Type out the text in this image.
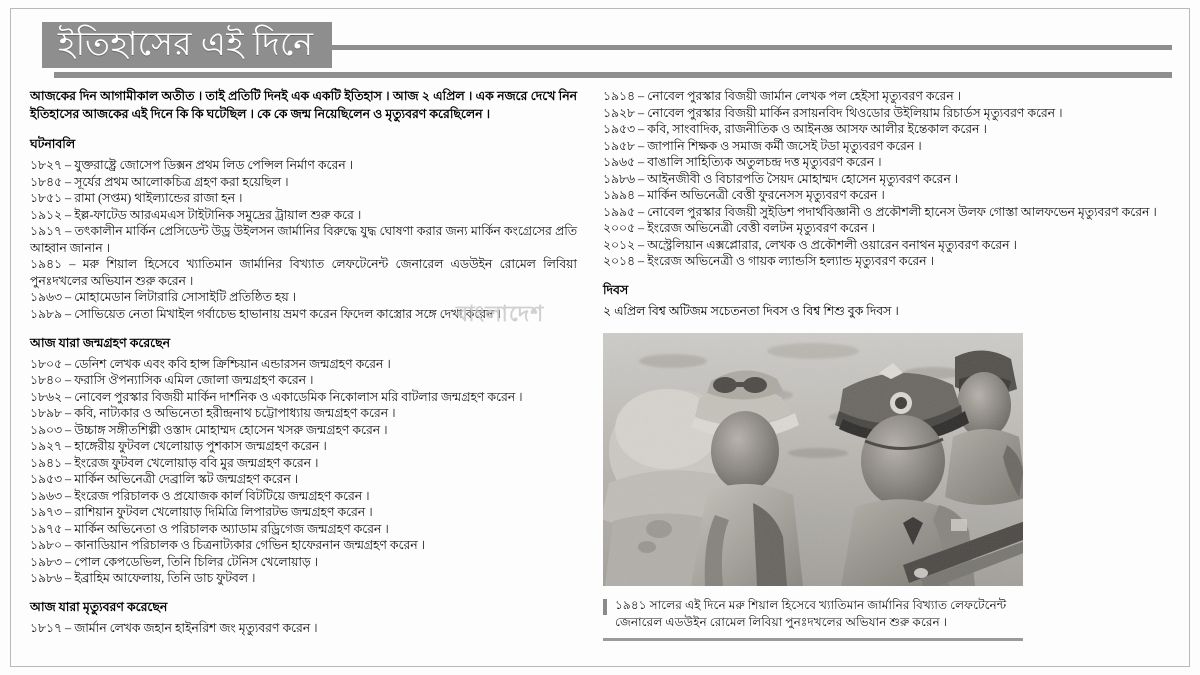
ইতিহাসের এই দিনে

আজকের দিন আগামীকাল অতীত । তাই প্রতিটি দিনই এক একটি ইতিহাস । আজ ২ এপ্রিল । এক নজরে দেখে নিন ইতিহাসের আজকের এই দিনে কি কি ঘটেছিল । কে কে জন্ম নিয়েছিলেন ও মৃত্যুবরণ করেছিলেন ।

ঘটনাবলি
১৮২৭ – যুক্তরাষ্ট্রে জোসেপ ডিক্সন প্রথম লিড পেন্সিল নির্মাণ করেন ।
১৮৪৫ – সূর্যের প্রথম আলোকচিত্র গ্রহণ করা হয়েছিল ।
১৮৫১ – রামা (সপ্তম) থাইল্যান্ডের রাজা হন ।
১৯১২ – ইল্ল-ফাটেড আরএমএস টাইটানিক সমুদ্রের ট্রায়াল শুরু করে ।
১৯১৭ – তৎকালীন মার্কিন প্রেসিডেন্ট উড্র উইলসন জার্মানির বিরুদ্ধে যুদ্ধ ঘোষণা করার জন্য মার্কিন কংগ্রেসের প্রতি আহ্বান জানান ।
১৯৪১ – মরু শিয়াল হিসেবে খ্যাতিমান জার্মানির বিখ্যাত লেফটেনেন্ট জেনারেল এডউইন রোমেল লিবিয়া পুনঃদখলের অভিযান শুরু করেন ।
১৯৬৩ – মোহামেডান লিটারারি সোসাইটি প্রতিষ্ঠিত হয় ।
১৯৮৯ – সোভিয়েত নেতা মিখাইল গর্বাচেভ হাভানায় ভ্রমণ করেন ফিদেল কাস্ত্রোর সঙ্গে দেখা করেন ।
আজ যারা জন্মগ্রহণ করেছেন
১৮০৫ – ডেনিশ লেখক এবং কবি হান্স ক্রিশ্চিয়ান এন্ডারসন জন্মগ্রহণ করেন ।
১৮৪০ – ফরাসি ঔপন্যাসিক এমিল জোলা জন্মগ্রহণ করেন ।
১৮৬২ – নোবেল পুরস্কার বিজয়ী মার্কিন দার্শনিক ও একাডেমিক নিকোলাস মরি বাটলার জন্মগ্রহণ করেন ।
১৮৯৮ – কবি, নাট্যকার ও অভিনেতা হরীন্দ্রনাথ চট্টোপাধ্যায় জন্মগ্রহণ করেন ।
১৯০৩ – উচ্চাঙ্গ সঙ্গীতশিল্পী ওস্তাদ মোহাম্মদ হোসেন খসরু জন্মগ্রহণ করেন ।
১৯২৭ – হাঙ্গেরীয় ফুটবল খেলোয়াড় পুশকাস জন্মগ্রহণ করেন ।
১৯৪১ – ইংরেজ ফুটবল খেলোয়াড় ববি মুর জন্মগ্রহণ করেন ।
১৯৫৩ – মার্কিন অভিনেত্রী দেব্রালি স্কট জন্মগ্রহণ করেন ।
১৯৬৩ – ইংরেজ পরিচালক ও প্রযোজক কার্ল বিটটিয়ে জন্মগ্রহণ করেন ।
১৯৭৩ – রাশিয়ান ফুটবল খেলোয়াড় দিমিত্রি লিপারটভ জন্মগ্রহণ করেন ।
১৯৭৫ – মার্কিন অভিনেতা ও পরিচালক অ্যাডাম রড্রিগেজ জন্মগ্রহণ করেন ।
১৯৮০ – কানাডিয়ান পরিচালক ও চিত্রনাট্যকার গেভিন হাফেরনান জন্মগ্রহণ করেন ।
১৯৮৩ – পোল কেপডেভিল, তিনি চিলির টেনিস খেলোয়াড় ।
১৯৮৬ – ইব্রাহিম আফেলায়, তিনি ডাচ ফুটবল ।
আজ যারা মৃত্যুবরণ করেছেন
১৮১৭ – জার্মান লেখক জহান হাইনরিশ জং মৃত্যুবরণ করেন ।
১৯১৪ – নোবেল পুরস্কার বিজয়ী জার্মান লেখক পল হেইসা মৃত্যুবরণ করেন ।
১৯২৮ – নোবেল পুরস্কার বিজয়ী মার্কিন রসায়নবিদ থিওডোর উইলিয়াম রিচার্ডস মৃত্যুবরণ করেন ।
১৯৫৩ – কবি, সাংবাদিক, রাজনীতিক ও আইনজ্ঞ আসফ আলীর ইন্তেকাল করেন ।
১৯৫৮ – জাপানি শিক্ষক ও সমাজ কর্মী জসেই টডা মৃত্যুবরণ করেন ।
১৯৬৫ – বাঙালি সাহিত্যিক অতুলচন্দ্র দত্ত মৃত্যুবরণ করেন ।
১৯৮৬ – আইনজীবী ও বিচারপতি সৈয়দ মোহাম্মদ হোসেন মৃত্যুবরণ করেন ।
১৯৯৪ – মার্কিন অভিনেত্রী বেত্তী ফুরনেসস মৃত্যুবরণ করেন ।
১৯৯৫ – নোবেল পুরস্কার বিজয়ী সুইডিশ পদার্থবিজ্ঞানী ও প্রকৌশলী হানেস উলফ গোস্তা আলফভেন মৃত্যুবরণ করেন ।
২০০৫ – ইংরেজ অভিনেত্রী বেত্তী বলটন মৃত্যুবরণ করেন ।
২০১২ – অস্ট্রেলিয়ান এক্সপ্লোরার, লেখক ও প্রকৌশলী ওয়ারেন বনাথন মৃত্যুবরণ করেন ।
২০১৪ – ইংরেজ অভিনেত্রী ও গায়ক ল্যান্ডসি হল্যান্ড মৃত্যুবরণ করেন ।
দিবস
২ এপ্রিল বিশ্ব অটিজম সচেতনতা দিবস ও বিশ্ব শিশু বুক দিবস ।
বাংলাদেশ
১৯৪১ সালের এই দিনে মরু শিয়াল হিসেবে খ্যাতিমান জার্মানির বিখ্যাত লেফটেনেন্ট জেনারেল এডউইন রোমেল লিবিয়া পুনঃদখলের অভিযান শুরু করেন ।
